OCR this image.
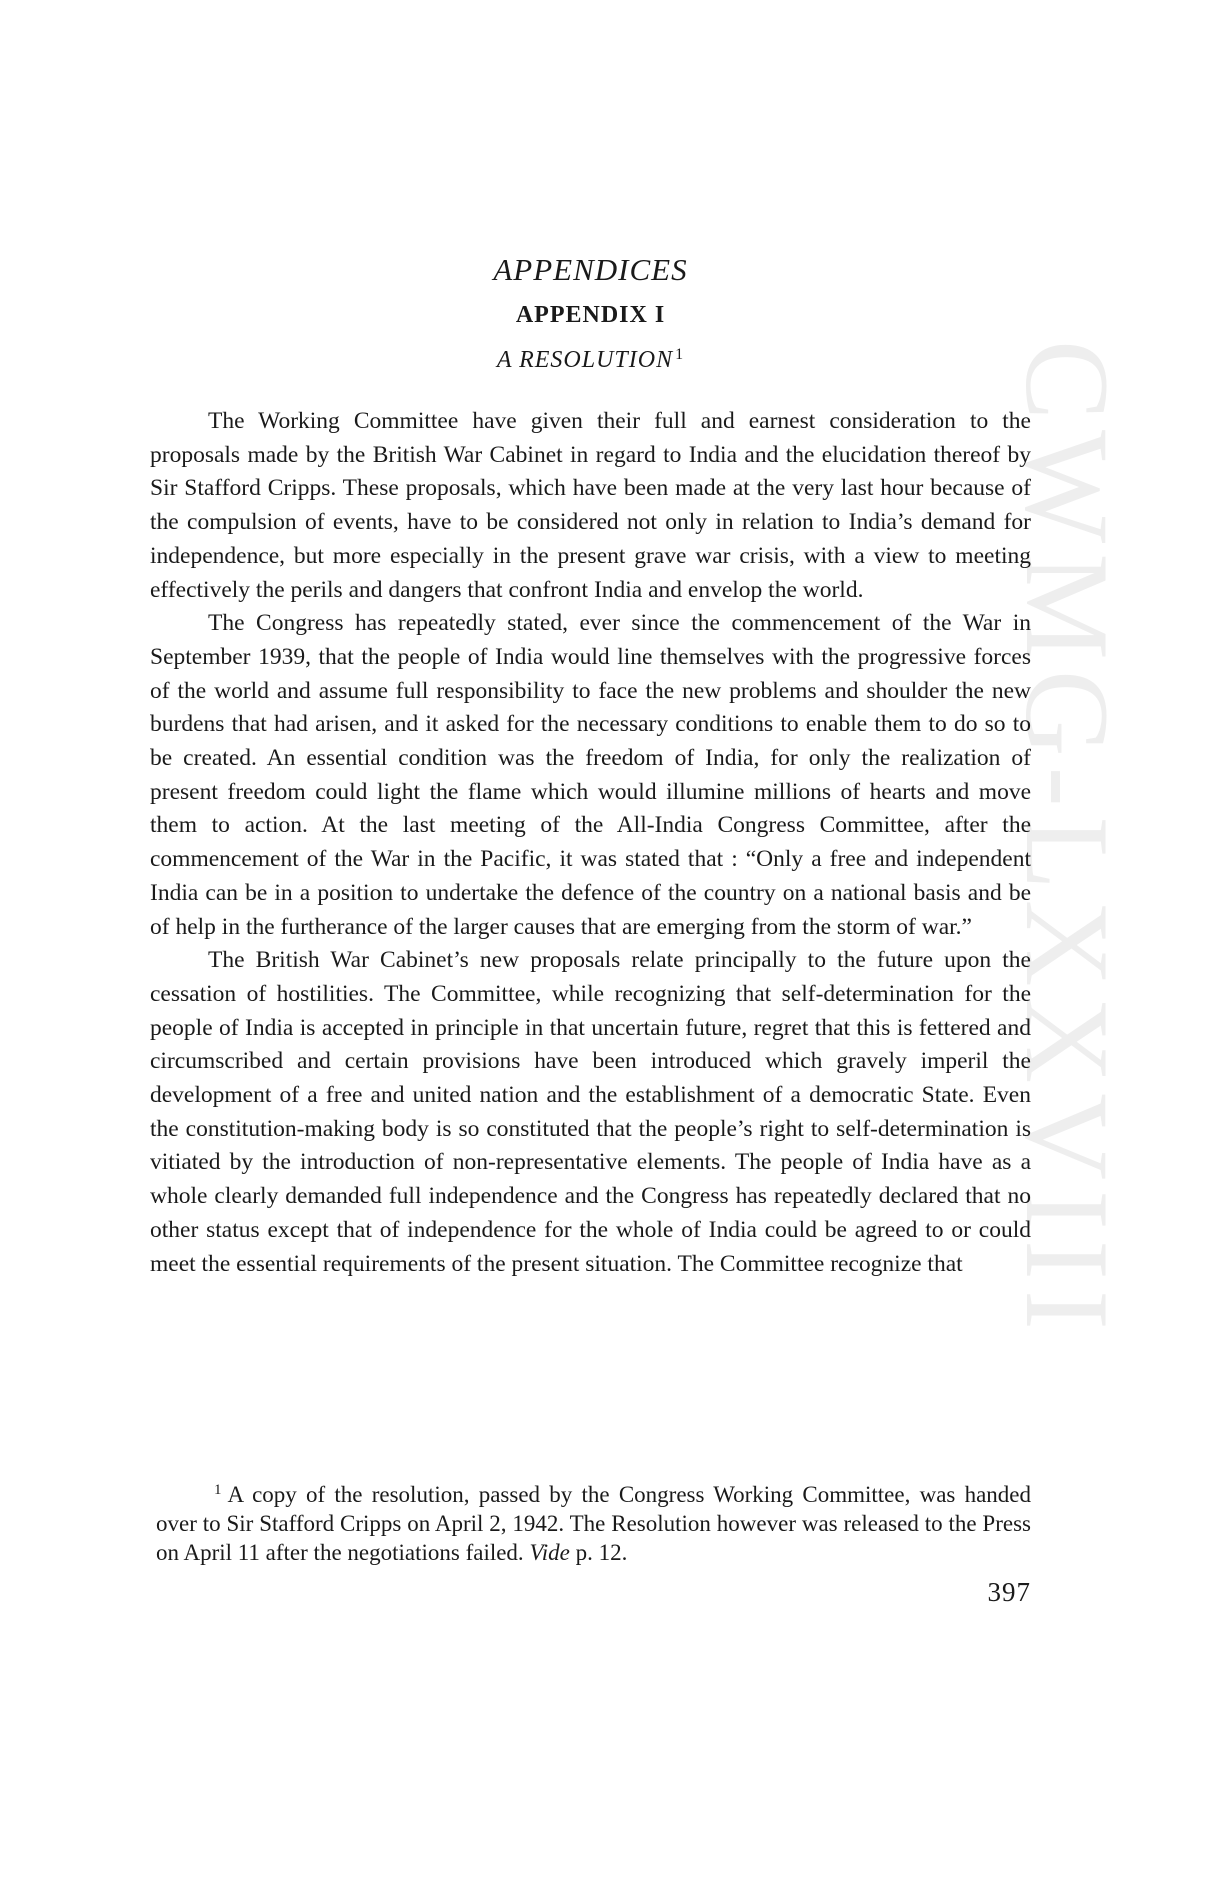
CWMG-LXXVIII
APPENDICES
APPENDIX I
A RESOLUTION $^1$

The Working Committee have given their full and earnest consideration to the proposals made by the British War Cabinet in regard to India and the elucidation thereof by Sir Stafford Cripps. These proposals, which have been made at the very last hour because of the compulsion of events, have to be considered not only in relation to India’s demand for independence, but more especially in the present grave war crisis, with a view to meeting effectively the perils and dangers that confront India and envelop the world.

The Congress has repeatedly stated, ever since the commencement of the War in September 1939, that the people of India would line themselves with the progressive forces of the world and assume full responsibility to face the new problems and shoulder the new burdens that had arisen, and it asked for the necessary conditions to enable them to do so to be created. An essential condition was the freedom of India, for only the realization of present freedom could light the flame which would illumine millions of hearts and move them to action. At the last meeting of the All-India Congress Committee, after the commencement of the War in the Pacific, it was stated that : “Only a free and independent India can be in a position to undertake the defence of the country on a national basis and be of help in the furtherance of the larger causes that are emerging from the storm of war.”

The British War Cabinet’s new proposals relate principally to the future upon the cessation of hostilities. The Committee, while recognizing that self-determination for the people of India is accepted in principle in that uncertain future, regret that this is fettered and circumscribed and certain provisions have been introduced which gravely imperil the development of a free and united nation and the establishment of a democratic State. Even the constitution-making body is so constituted that the people’s right to self-determination is vitiated by the introduction of non-representative elements. The people of India have as a whole clearly demanded full independence and the Congress has repeatedly declared that no other status except that of independence for the whole of India could be agreed to or could meet the essential requirements of the present situation. The Committee recognize that

$^1$ A copy of the resolution, passed by the Congress Working Committee, was handed over to Sir Stafford Cripps on April 2, 1942. The Resolution however was released to the Press on April 11 after the negotiations failed. Vide p. 12.

397
